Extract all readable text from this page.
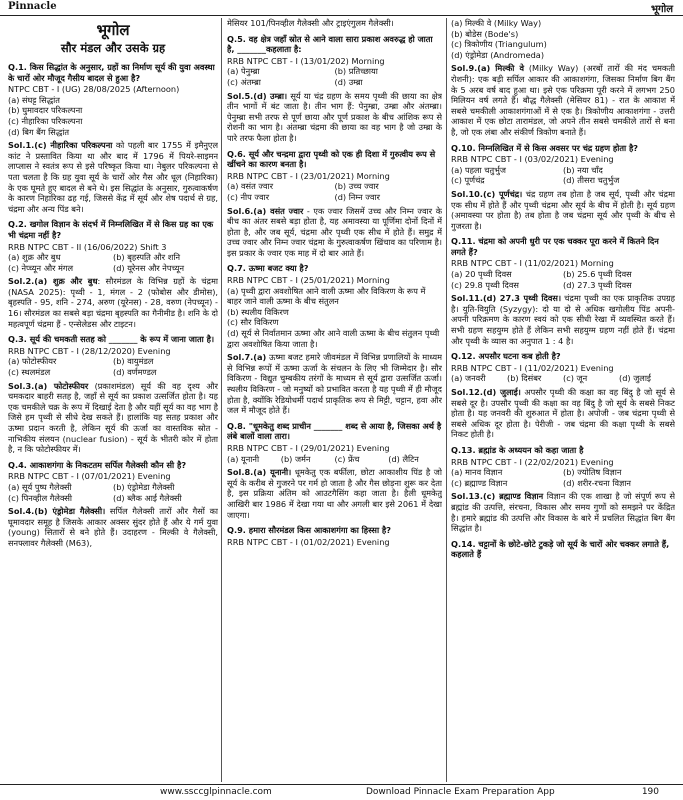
Pinnacle	भूगोल
भूगोल
सौर मंडल और उसके ग्रह
Q.1. किस सिद्धांत के अनुसार, ग्रहों का निर्माण सूर्य की युवा अवस्था के चारों ओर मौजूद गैसीय बादल से हुआ है?
NTPC CBT - I (UG) 28/08/2025 (Afternoon)
(a) संघट्ट सिद्धांत
(b) घुमावदार परिकल्पना
(c) नीहारिका परिकल्पना
(d) बिग बैंग सिद्धांत
Sol.1.(c) नीहारिका परिकल्पना को पहली बार 1755 में इमैनुएल कांट ने प्रस्तावित किया था और बाद में 1796 में पियरे-साइमन लाप्लास ने स्वतंत्र रूप से इसे परिष्कृत किया था। नेबुलर परिकल्पना से पता चलता है कि ग्रह युवा सूर्य के चारों ओर गैस और धूल (निहारिका) के एक घूमते हुए बादल से बने थे। इस सिद्धांत के अनुसार, गुरुत्वाकर्षण के कारण निहारिका ढह गई, जिससे केंद्र में सूर्य और शेष पदार्थ से ग्रह, चंद्रमा और अन्य पिंड बने।
Q.2. खगोल विज्ञान के संदर्भ में निम्नलिखित में से किस ग्रह का एक भी चंद्रमा नहीं है?
RRB NTPC CBT - II (16/06/2022) Shift 3
(a) शुक्र और बुध	(b) बृहस्पति और शनि
(c) नेप्च्यून और मंगल	(d) यूरेनस और नेपच्यून
Sol.2.(a) शुक्र और बुध: सौरमंडल के विभिन्न ग्रहों के चंद्रमा (NASA 2025): पृथ्वी - 1, मंगल - 2 (फोबोस और डीमोस), बृहस्पति - 95, शनि - 274, अरुण (यूरेनस) - 28, वरुण (नेपच्यून) - 16। सौरमंडल का सबसे बड़ा चंद्रमा बृहस्पति का गैनीमीड है। शनि के दो महत्वपूर्ण चंद्रमा हैं - एन्सेलेडस और टाइटन।
Q.3. सूर्य की चमकती सतह को _______ के रूप में जाना जाता है।
RRB NTPC CBT - I (28/12/2020) Evening
(a) फोटोस्फीयर	(b) वायुमंडल
(c) स्थलमंडल	(d) वर्णमण्डल
Sol.3.(a) फोटोस्फीयर (प्रकाशमंडल) सूर्य की वह दृश्य और चमकदार बाहरी सतह है, जहाँ से सूर्य का प्रकाश उत्सर्जित होता है। यह एक चमकीले चक्र के रूप में दिखाई देता है और यहीं सूर्य का वह भाग है जिसे हम पृथ्वी से सीधे देख सकते हैं। हालांकि यह सतह प्रकाश और ऊष्मा प्रदान करती है, लेकिन सूर्य की ऊर्जा का वास्तविक स्रोत - नाभिकीय संलयन (nuclear fusion) - सूर्य के भीतरी कोर में होता है, न कि फोटोस्फीयर में।
Q.4. आकाशगंगा के निकटतम सर्पिल गैलेक्सी कौन सी है?
RRB NTPC CBT - I (07/01/2021) Evening
(a) सूर्य पुष्प गैलेक्सी	(b) एंड्रोमेडा गैलेक्सी
(c) पिनव्हील गैलेक्सी	(d) ब्लैक आई गैलेक्सी
Sol.4.(b) एंड्रोमेडा गैलेक्सी। सर्पिल गैलेक्सी तारों और गैसों का घूमावदार समूह है जिसके आकार अक्सर सुंदर होते हैं और ये गर्म युवा (young) सितारों से बने होते हैं। उदाहरण - मिल्की वे गैलेक्सी, सनफ्लावर गैलेक्सी (M63),
मेसियर 101/पिनव्हील गैलेक्सी और ट्राइएंगुलम गैलेक्सी।
Q.5. वह क्षेत्र जहाँ स्रोत से आने वाला सारा प्रकाश अवरुद्ध हो जाता है, _______कहलाता है:
RRB NTPC CBT - I (13/01/202) Morning
(a) पेनुम्ब्रा	(b) प्रतिच्छाया
(c) अंतम्ब्रा	(d) उम्ब्रा
Sol.5.(d) उम्ब्रा। सूर्य या चंद्र ग्रहण के समय पृथ्वी की छाया का क्षेत्र तीन भागों में बंट जाता है। तीन भाग हैं: पेनुम्ब्रा, उम्ब्रा और अंतम्ब्रा। पेनुम्ब्रा सभी तरफ से पूर्ण छाया और पूर्ण प्रकाश के बीच आंशिक रूप से रोशनी का भाग है। अंतम्ब्रा चंद्रमा की छाया का वह भाग है जो उम्ब्रा के पारे तरफ फैला होता है।
Q.6. सूर्य और चन्द्रमा द्वारा पृथ्वी को एक ही दिशा में गुरुत्वीय रूप से खींचने का कारण बनता है।
RRB NTPC CBT - I (23/01/2021) Morning
(a) वसंत ज्वार	(b) उच्च ज्वार
(c) नीप ज्वार	(d) निम्न ज्वार
Sol.6.(a) वसंत ज्वार - एक ज्वार जिसमें उच्च और निम्न ज्वार के बीच का अंतर सबसे बड़ा होता है, यह अमावस्या या पूर्णिमा दोनों दिनों में होता है, और जब सूर्य, चंद्रमा और पृथ्वी एक सीध में होते हैं। समुद्र में उच्च ज्वार और निम्न ज्वार चंद्रमा के गुरुत्वाकर्षण खिंचाव का परिणाम है। इस प्रकार के ज्वार एक माह में दो बार आते हैं।
Q.7. ऊष्मा बजट क्या है?
RRB NTPC CBT - I (25/01/2021) Morning
(a) पृथ्वी द्वारा अवशोषित आने वाली ऊष्मा और विकिरण के रूप में बाहर जाने वाली ऊष्मा के बीच संतुलन
(b) स्थलीय विकिरण
(c) सौर विकिरण
(d) सूर्य से निर्वातमान ऊष्मा और आने वाली ऊष्मा के बीच संतुलन पृथ्वी द्वारा अवशोषित किया जाता है।
Sol.7.(a) ऊष्मा बजट हमारे जीवमंडल में विभिन्न प्रणालियों के माध्यम से विभिन्न रूपों में ऊष्मा ऊर्जा के संचलन के लिए भी जिम्मेदार है। सौर विकिरण - विद्युत चुम्बकीय तरंगों के माध्यम से सूर्य द्वारा उत्सर्जित ऊर्जा। स्थलीय विकिरण - जो मनुष्यों को प्रभावित करता है यह पृथ्वी में ही मौजूद होता है, क्योंकि रेडियोधर्मी पदार्थ प्राकृतिक रूप से मिट्टी, चट्टान, हवा और जल में मौजूद होते हैं।
Q.8. "धूमकेतु शब्द प्राचीन _______ शब्द से आया है, जिसका अर्थ है लंबे बालों वाला तारा।
RRB NTPC CBT - I (29/01/2021) Evening
(a) यूनानी	(b) जर्मन	(c) फ्रेंच	(d) लैटिन
Sol.8.(a) यूनानी। धूमकेतु एक बर्फीला, छोटा आकाशीय पिंड है जो सूर्य के करीब से गुजरने पर गर्म हो जाता है और गैस छोड़ना शुरू कर देता है, इस प्रक्रिया अंतिम को आउटगैसिंग कहा जाता है। हैली धूमकेतु आखिरी बार 1986 में देखा गया था और अगली बार इसे 2061 में देखा जाएगा।
Q.9. हमारा सौरमंडल किस आकाशगंगा का हिस्सा है?
RRB NTPC CBT - I (01/02/2021) Evening
(a) मिल्की वे (Milky Way)
(b) बोडेस (Bode's)
(c) त्रिकोणीय (Triangulum)
(d) एंड्रोमेडा (Andromeda)
Sol.9.(a) मिल्की वे (Milky Way) (अरबों तारों की मंद चमकती रोशनी): एक बड़ी सर्पिल आकार की आकाशगंगा, जिसका निर्माण बिग बैंग के 5 अरब वर्ष बाद हुआ था। इसे एक परिक्रमा पूरी करने में लगभग 250 मिलियन वर्ष लगते हैं। बौद्ध गैलेक्सी (मेसियर 81) - रात के आकाश में सबसे चमकीली आकाशगंगाओं में से एक है। त्रिकोणीय आकाशगंगा - उत्तरी आकाश में एक छोटा तारामंडल, जो अपने तीन सबसे चमकीले तारों से बना है, जो एक लंबा और संकीर्ण त्रिकोण बनाते हैं।
Q.10. निम्नलिखित में से किस अवसर पर चंद्र ग्रहण होता है?
RRB NTPC CBT - I (03/02/2021) Evening
(a) पहला चतुर्भुज	(b) नया चाँद
(c) पूर्णचंद्र	(d) तीसरा चतुर्भुज
Sol.10.(c) पूर्णचंद्र। चंद्र ग्रहण तब होता है जब सूर्य, पृथ्वी और चंद्रमा एक सीध में होते हैं और पृथ्वी चंद्रमा और सूर्य के बीच में होती है। सूर्य ग्रहण (अमावस्या पर होता है) तब होता है जब चंद्रमा सूर्य और पृथ्वी के बीच से गुजरता है।
Q.11. चंद्रमा को अपनी धुरी पर एक चक्कर पूरा करने में कितने दिन लगते हैं?
RRB NTPC CBT - I (11/02/2021) Morning
(a) 20 पृथ्वी दिवस	(b) 25.6 पृथ्वी दिवस
(c) 29.8 पृथ्वी दिवस	(d) 27.3 पृथ्वी दिवस
Sol.11.(d) 27.3 पृथ्वी दिवस। चंद्रमा पृथ्वी का एक प्राकृतिक उपग्रह है। युति-वियुति (Syzygy): दो या दो से अधिक खगोलीय पिंड अपनी-अपनी परिक्रमण के कारण स्वयं को एक सीधी रेखा में व्यवस्थित करते हैं। सभी ग्रहण सहयुग्म होते हैं लेकिन सभी सहयुग्म ग्रहण नहीं होते हैं। चंद्रमा और पृथ्वी के व्यास का अनुपात 1 : 4 है।
Q.12. अपसौर घटना कब होती है?
RRB NTPC CBT - I (11/02/2021) Evening
(a) जनवरी	(b) दिसंबर	(c) जून	(d) जुलाई
Sol.12.(d) जुलाई। अपसौर पृथ्वी की कक्षा का वह बिंदु है जो सूर्य से सबसे दूर है। उपसौर पृथ्वी की कक्षा का वह बिंदु है जो सूर्य के सबसे निकट होता है। यह जनवरी की शुरुआत में होता है। अपोजी - जब चंद्रमा पृथ्वी से सबसे अधिक दूर होता है। पेरीजी - जब चंद्रमा की कक्षा पृथ्वी के सबसे निकट होती है।
Q.13. ब्रह्मांड के अध्ययन को कहा जाता है
RRB NTPC CBT - I (22/02/2021) Evening
(a) मानव विज्ञान	(b) ज्योतिष विज्ञान
(c) ब्रह्माण्ड विज्ञान	(d) शरीर-रचना विज्ञान
Sol.13.(c) ब्रह्माण्ड विज्ञान विज्ञान की एक शाखा है जो संपूर्ण रूप से ब्रह्मांड की उत्पत्ति, संरचना, विकास और समय गुणों को समझने पर केंद्रित है। हमारे ब्रह्मांड की उत्पत्ति और विकास के बारे में प्रचलित सिद्धांत बिग बैंग सिद्धांत है।
Q.14. चट्टानों के छोटे-छोटे टुकड़े जो सूर्य के चारों ओर चक्कर लगाते हैं, कहलाते हैं
www.ssccglpinnacle.com	Download Pinnacle Exam Preparation App	190
